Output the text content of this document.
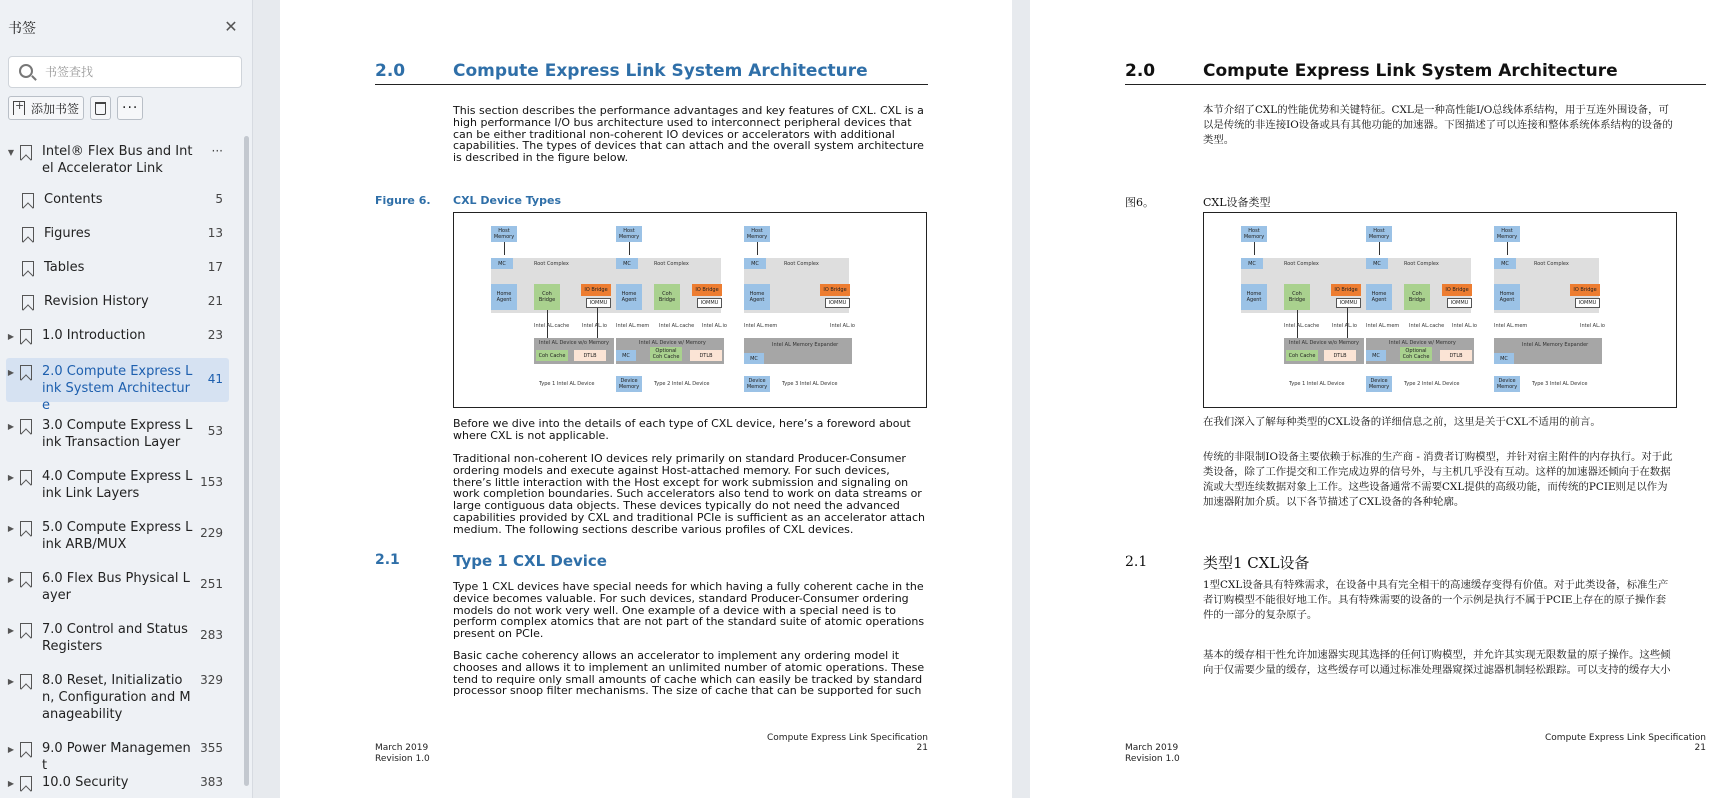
书签	✕
书签查找
+
添加书签	···
▼ Intel® Flex Bus and Intel Accelerator Link
···
Contents	5
Figures	13
Tables	17
Revision History	21
▶ 1.0 Introduction	23
▶ 2.0 Compute Express Link System Architecture
41
▶ 3.0 Compute Express Link Transaction Layer
53
▶ 4.0 Compute Express Link Link Layers
153
▶ 5.0 Compute Express Link ARB/MUX
229
▶ 6.0 Flex Bus Physical Layer
251
▶ 7.0 Control and Status Registers
283
▶ 8.0 Reset, Initialization, Configuration and Manageability
329
▶ 9.0 Power Management
355
▶ 10.0 Security	383
2.0	Compute Express Link System Architecture
This section describes the performance advantages and key features of CXL. CXL is a high performance I/O bus architecture used to interconnect peripheral devices that can be either traditional non-coherent IO devices or accelerators with additional capabilities. The types of devices that can attach and the overall system architecture is described in the figure below.
Figure 6. CXL Device Types
Host Memory
MC	Root Complex
Home Agent
Coh Bridge
IO Bridge
IOMMU
Intel AL.cache	Intel AL.io
Intel AL Device w/o Memory
Coh Cache	DTLB
Type 1 Intel AL Device
Host Memory
MC	Root Complex
Home Agent
Coh Bridge
IO Bridge
IOMMU
Intel AL.mem Intel AL.cache Intel AL.io
Intel AL Device w/ Memory
MC
Optional Coh Cache	DTLB
Device Memory	Type 2 Intel AL Device
Host Memory
MC	Root Complex
Home Agent
IO Bridge
IOMMU
Intel AL.mem	Intel AL.io
Intel AL Memory Expander
MC
Device Memory	Type 3 Intel AL Device
Before we dive into the details of each type of CXL device, here’s a foreword about where CXL is not applicable.
Traditional non-coherent IO devices rely primarily on standard Producer-Consumer ordering models and execute against Host-attached memory. For such devices, there’s little interaction with the Host except for work submission and signaling on work completion boundaries. Such accelerators also tend to work on data streams or large contiguous data objects. These devices typically do not need the advanced capabilities provided by CXL and traditional PCIe is sufficient as an accelerator attach medium. The following sections describe various profiles of CXL devices.
2.1	Type 1 CXL Device
Type 1 CXL devices have special needs for which having a fully coherent cache in the device becomes valuable. For such devices, standard Producer-Consumer ordering models do not work very well. One example of a device with a special need is to perform complex atomics that are not part of the standard suite of atomic operations present on PCIe.
Basic cache coherency allows an accelerator to implement any ordering model it chooses and allows it to implement an unlimited number of atomic operations. These tend to require only small amounts of cache which can easily be tracked by standard processor snoop filter mechanisms. The size of cache that can be supported for such
March 2019
Revision 1.0
Compute Express Link Specification
21
2.0	Compute Express Link System Architecture
本节介绍了CXL的性能优势和关键特征。CXL是一种高性能I/O总线体系结构，用于互连外围设备，可以是传统的非连接IO设备或具有其他功能的加速器。下图描述了可以连接和整体系统体系结构的设备的类型。
图6。	CXL设备类型
Host Memory
MC	Root Complex
Home Agent
Coh Bridge
IO Bridge
IOMMU
Intel AL.cache	Intel AL.io
Intel AL Device w/o Memory
Coh Cache	DTLB
Type 1 Intel AL Device
Host Memory
MC	Root Complex
Home Agent
Coh Bridge
IO Bridge
IOMMU
Intel AL.mem Intel AL.cache Intel AL.io
Intel AL Device w/ Memory
MC
Optional Coh Cache	DTLB
Device Memory	Type 2 Intel AL Device
Host Memory
MC	Root Complex
Home Agent
IO Bridge
IOMMU
Intel AL.mem	Intel AL.io
Intel AL Memory Expander
MC
Device Memory	Type 3 Intel AL Device
在我们深入了解每种类型的CXL设备的详细信息之前，这里是关于CXL不适用的前言。
传统的非限制IO设备主要依赖于标准的生产商 - 消费者订购模型，并针对宿主附件的内存执行。对于此类设备，除了工作提交和工作完成边界的信号外，与主机几乎没有互动。这样的加速器还倾向于在数据流或大型连续数据对象上工作。这些设备通常不需要CXL提供的高级功能，而传统的PCIE则足以作为加速器附加介质。以下各节描述了CXL设备的各种轮廓。
2.1	类型1 CXL设备
1型CXL设备具有特殊需求，在设备中具有完全相干的高速缓存变得有价值。对于此类设备，标准生产者订购模型不能很好地工作。具有特殊需要的设备的一个示例是执行不属于PCIE上存在的原子操作套件的一部分的复杂原子。
基本的缓存相干性允许加速器实现其选择的任何订购模型，并允许其实现无限数量的原子操作。这些倾向于仅需要少量的缓存，这些缓存可以通过标准处理器窥探过滤器机制轻松跟踪。可以支持的缓存大小
March 2019
Revision 1.0
Compute Express Link Specification
21
